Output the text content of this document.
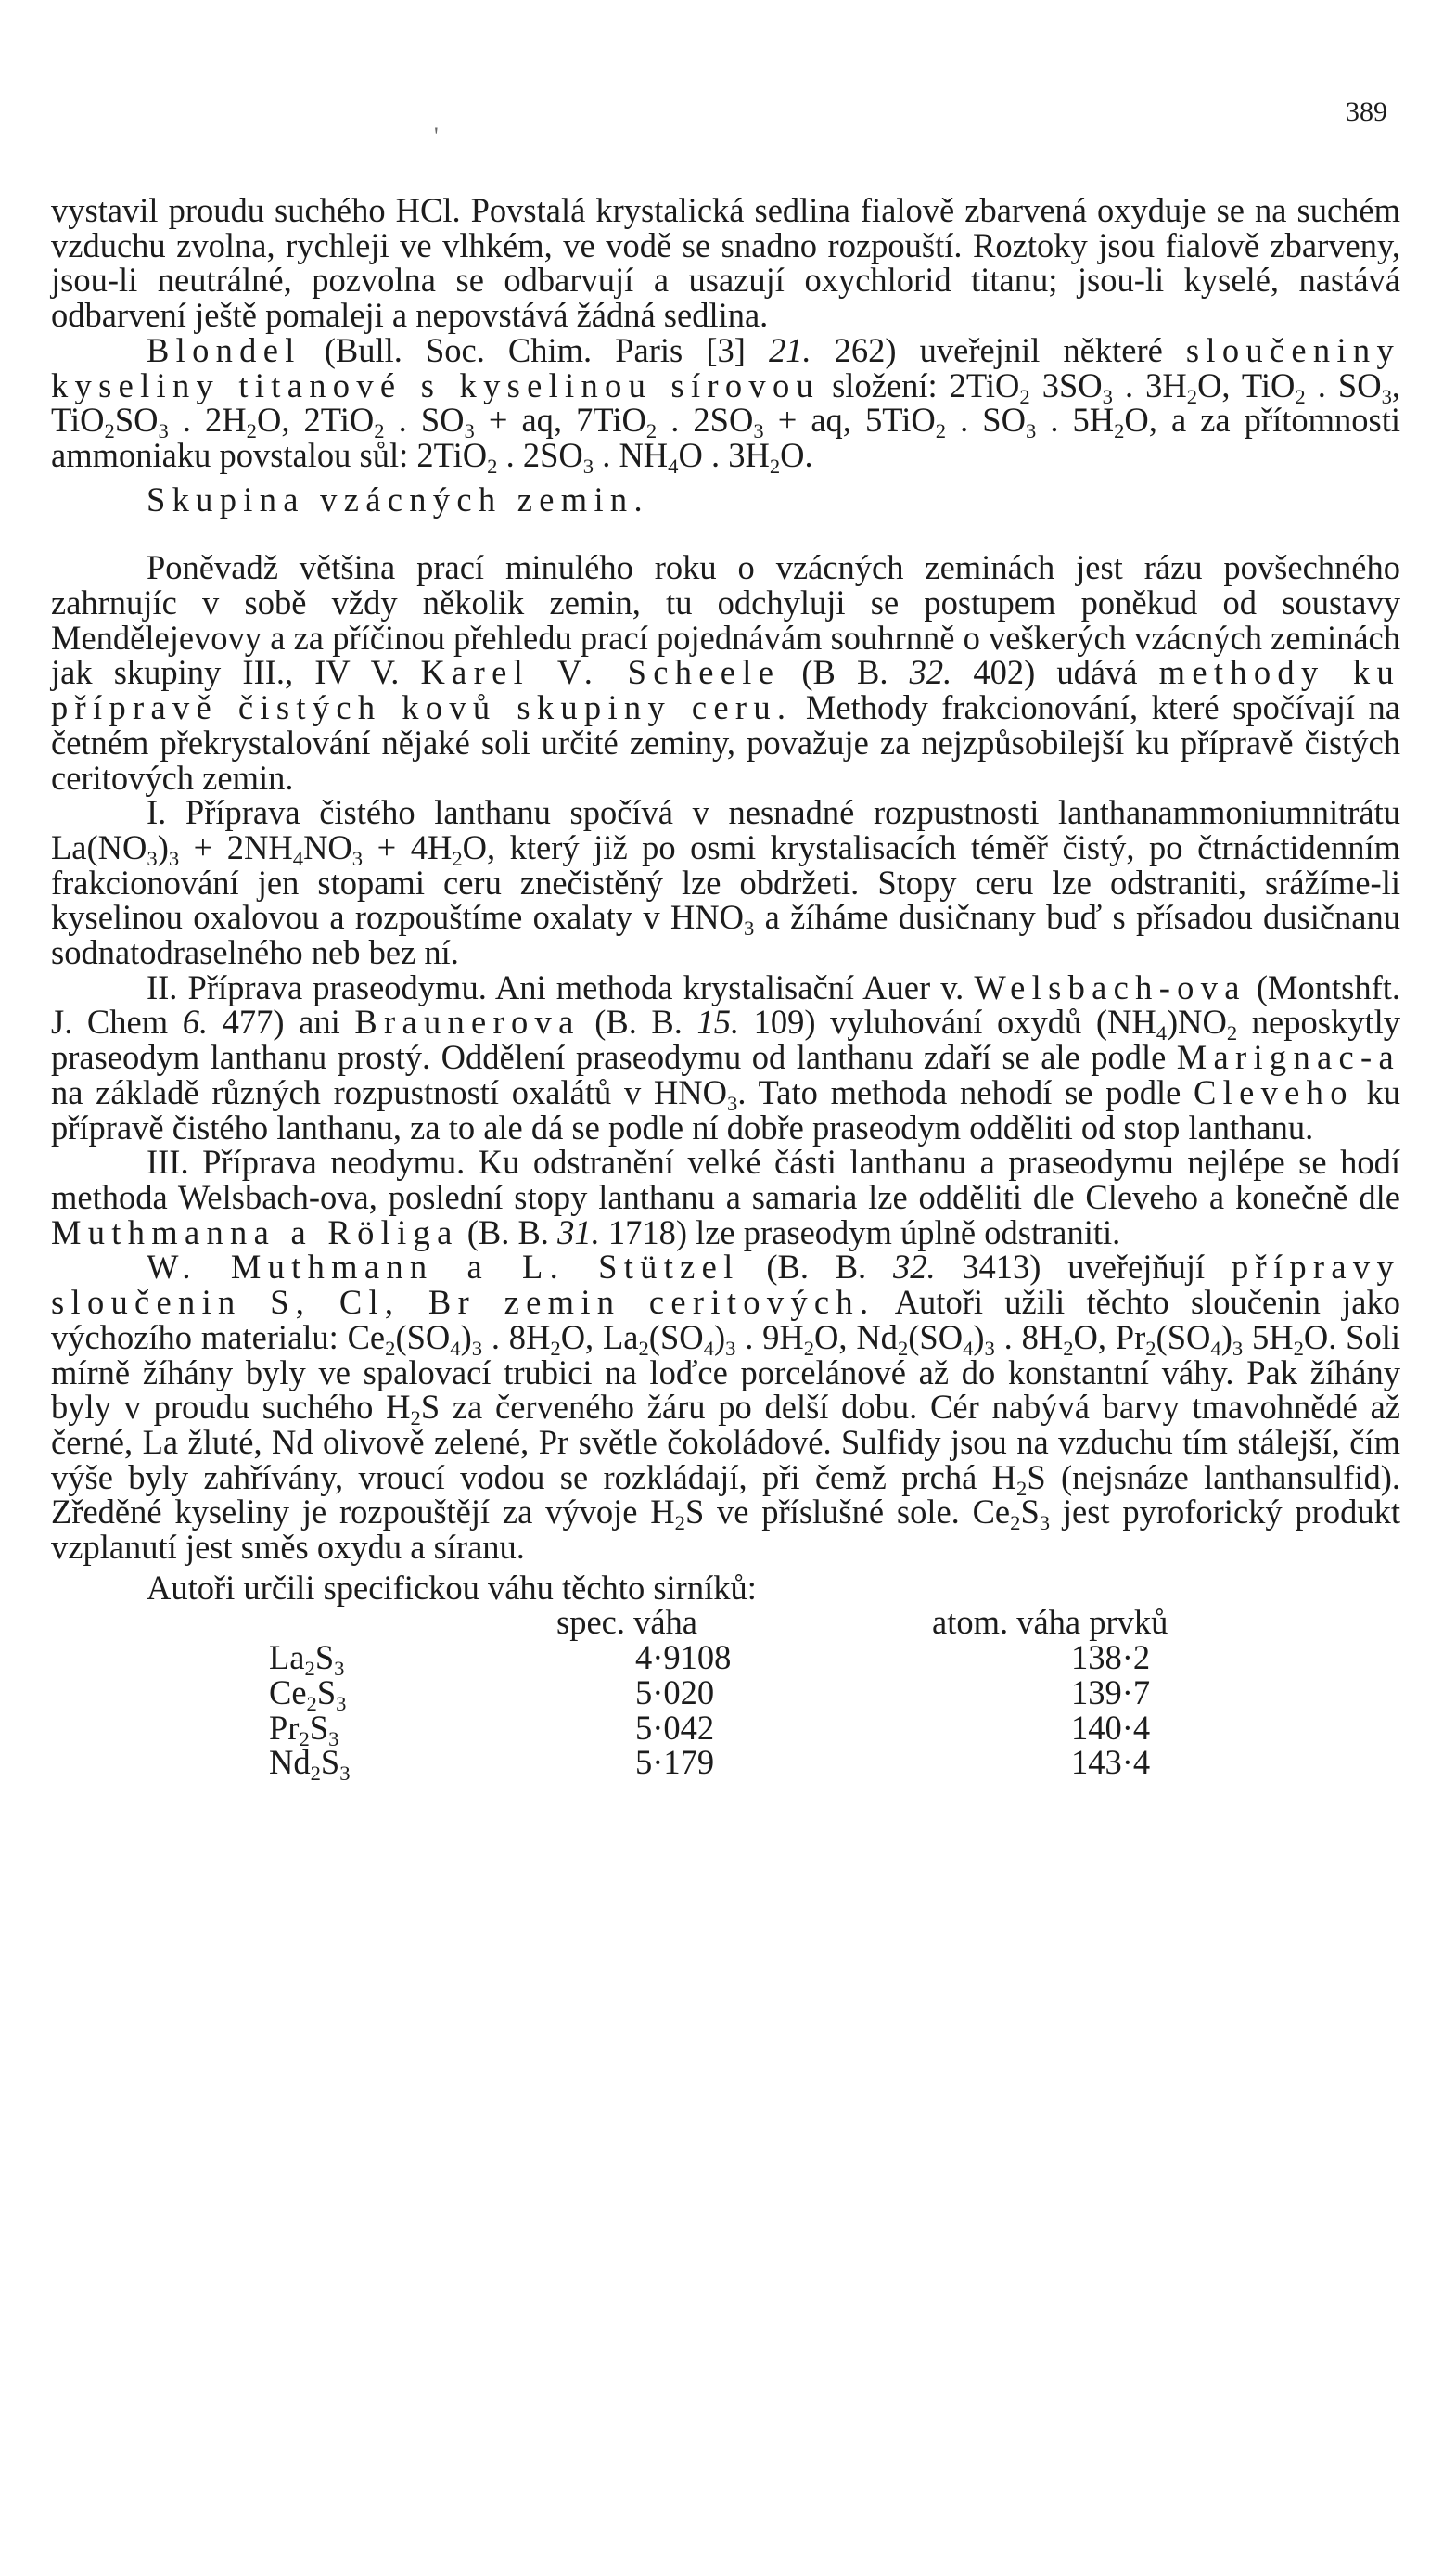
389
'

vystavil proudu suchého HCl. Povstalá krystalická sedlina fialově zbarvená oxyduje se na suchém vzduchu zvolna, rychleji ve vlhkém, ve vodě se snadno rozpouští. Roztoky jsou fialově zbarveny, jsou-li neutrálné, pozvolna se odbarvují a usazují oxychlorid titanu; jsou-li kyselé, nastává odbarvení ještě pomaleji a nepovstává žádná sedlina.

Blondel (Bull. Soc. Chim. Paris [3] 21. 262) uveřejnil některé sloučeniny kyseliny titanové s kyselinou sírovou složení: 2TiO$_2$ $3SO_3$ . $3H_2O$, TiO$_2$ . $SO_3$, $TiO_2SO_3$ . $2H_2O$, 2TiO$_2$ . $SO_3$ + aq, 7TiO$_2$ . $2SO_3$ + aq, 5TiO$_2$ . $SO_3$ . $5H_2O$, a za přítomnosti ammoniaku povstalou sůl: 2TiO$_2$ . $2SO_3$ . $NH_4O$ . $3H_2O$.

Skupina vzácných zemin.

Poněvadž většina prací minulého roku o vzácných zeminách jest rázu povšechného zahrnujíc v sobě vždy několik zemin, tu odchyluji se postupem poněkud od soustavy Mendělejevovy a za příčinou přehledu prací pojednávám souhrnně o veškerých vzácných zeminách jak skupiny III., IV V. Karel V. Scheele (B B. 32. 402) udává methody ku přípravě čistých kovů skupiny ceru. Methody frakcionování, které spočívají na četném překrystalování nějaké soli určité zeminy, považuje za nejzpůsobilejší ku přípravě čistých ceritových zemin.

I. Příprava čistého lanthanu spočívá v nesnadné rozpustnosti lanthanammoniumnitrátu $La(NO_3)_3 + 2NH_4NO_3 + 4H_2O$, který již po osmi krystalisacích téměř čistý, po čtrnáctidenním frakcionování jen stopami ceru znečistěný lze obdržeti. Stopy ceru lze odstraniti, srážíme-li kyselinou oxalovou a rozpouštíme oxalaty v $HNO_3$ a žíháme dusičnany buď s přísadou dusičnanu sodnatodraselného neb bez ní.

II. Příprava praseodymu. Ani methoda krystalisační Auer v. Welsbach-ova (Montshft. J. Chem 6. 477) ani Braunerova (B. B. 15. 109) vyluhování oxydů $(NH_4)NO_2$ neposkytly praseodym lanthanu prostý. Oddělení praseodymu od lanthanu zdaří se ale podle Marignac-a na základě různých rozpustností oxalátů v $HNO_3$. Tato methoda nehodí se podle Cleveho ku přípravě čistého lanthanu, za to ale dá se podle ní dobře praseodym odděliti od stop lanthanu.

III. Příprava neodymu. Ku odstranění velké části lanthanu a praseodymu nejlépe se hodí methoda Welsbach-ova, poslední stopy lanthanu a samaria lze odděliti dle Cleveho a konečně dle Muthmanna a Röliga (B. B. 31. 1718) lze praseodym úplně odstraniti.

W. Muthmann a L. Stützel (B. B. 32. 3413) uveřejňují přípravy sloučenin S, Cl, Br zemin ceritových. Autoři užili těchto sloučenin jako výchozího materialu: $Ce_2(SO_4)_3$ . $8H_2O$, $La_2(SO_4)_3$ . $9H_2O$, $Nd_2(SO_4)_3$ . $8H_2O$, $Pr_2(SO_4)_3$ $5H_2O$. Soli mírně žíhány byly ve spalovací trubici na loďce porcelánové až do konstantní váhy. Pak žíhány byly v proudu suchého $H_2S$ za červeného žáru po delší dobu. Cér nabývá barvy tmavohnědé až černé, La žluté, Nd olivově zelené, Pr světle čokoládové. Sulfidy jsou na vzduchu tím stálejší, čím výše byly zahřívány, vroucí vodou se rozkládají, při čemž prchá $H_2S$ (nejsnáze lanthansulfid). Zředěné kyseliny je rozpouštějí za vývoje $H_2S$ ve příslušné sole. $Ce_2S_3$ jest pyroforický produkt vzplanutí jest směs oxydu a síranu.

Autoři určili specifickou váhu těchto sirníků:

	spec. váha	atom. váha prvků
$La_2S_3$	4·9108	138·2
$Ce_2S_3$	5·020	139·7
$Pr_2S_3$	5·042	140·4
$Nd_2S_3$	5·179	143·4
